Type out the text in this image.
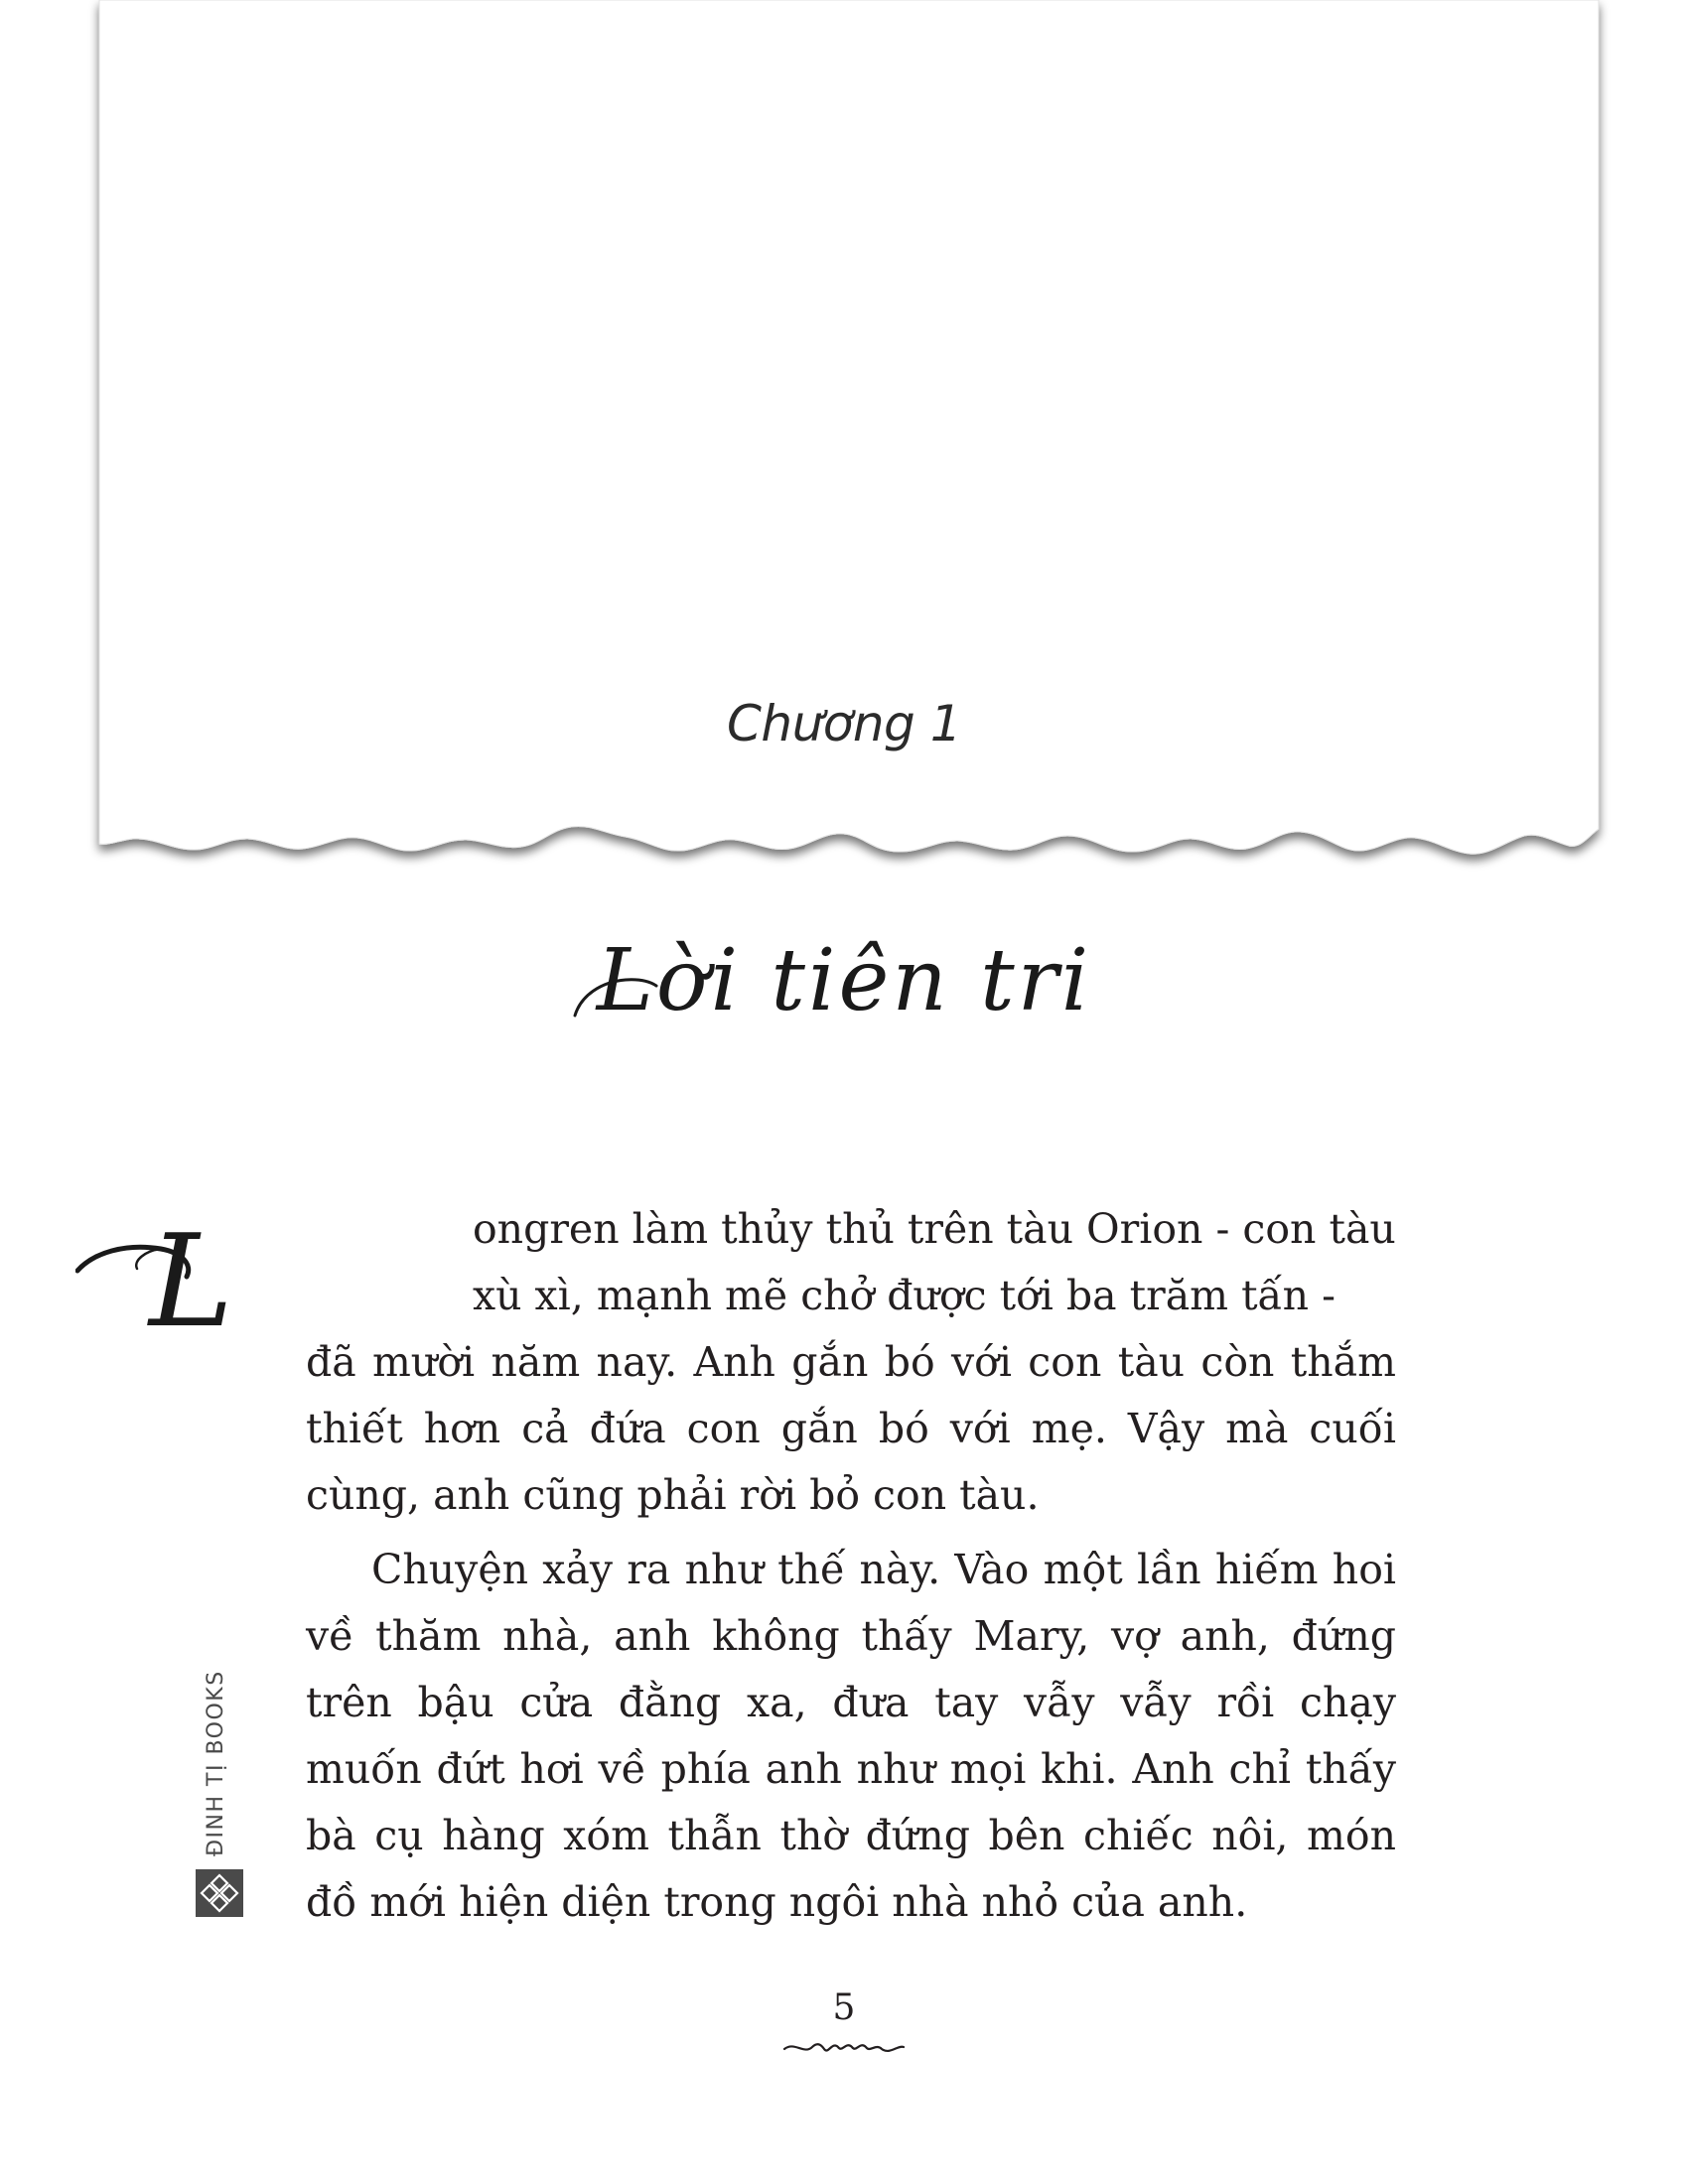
Chương 1
Lời tiên tri
L	ongren làm thủy thủ trên tàu Orion - con tàu
xù xì, mạnh mẽ chở được tới ba trăm tấn -
đã mười năm nay. Anh gắn bó với con tàu còn thắm thiết hơn cả đứa con gắn bó với mẹ. Vậy mà cuối cùng, anh cũng phải rời bỏ con tàu.

Chuyện xảy ra như thế này. Vào một lần hiếm hoi về thăm nhà, anh không thấy Mary, vợ anh, đứng trên bậu cửa đằng xa, đưa tay vẫy vẫy rồi chạy muốn đứt hơi về phía anh như mọi khi. Anh chỉ thấy bà cụ hàng xóm thẫn thờ đứng bên chiếc nôi, món đồ mới hiện diện trong ngôi nhà nhỏ của anh.

ĐINH TỊ BOOKS
5
